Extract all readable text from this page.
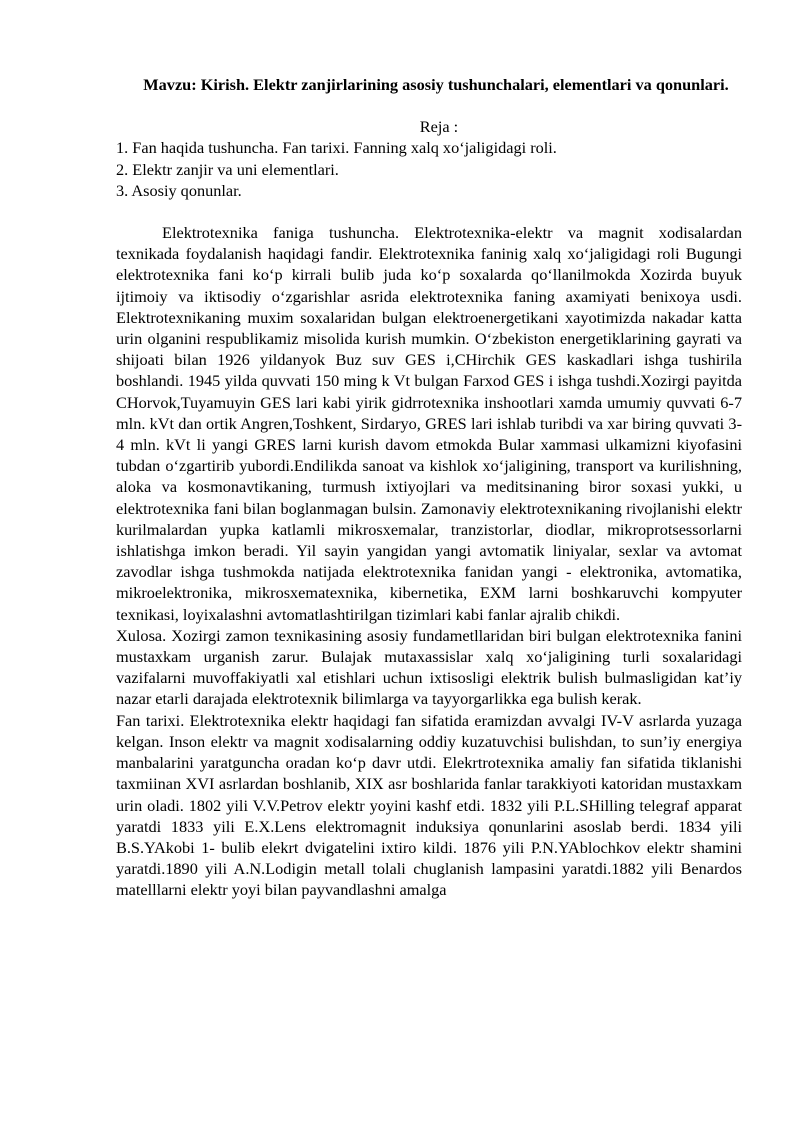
Mavzu: Kirish. Elektr zanjirlarining asosiy tushunchalari, elementlari va qonunlari.

Reja :

1. Fan haqida tushuncha. Fan tarixi. Fanning xalq xo‘jaligidagi roli.
2. Elektr zanjir va uni elementlari.
3. Asosiy qonunlar.

Elektrotexnika faniga tushuncha. Elektrotexnika-elektr va magnit xodisalardan texnikada foydalanish haqidagi fandir. Elektrotexnika faninig xalq xo‘jaligidagi roli Bugungi elektrotexnika fani ko‘p kirrali bulib juda ko‘p soxalarda qo‘llanilmokda Xozirda buyuk ijtimoiy va iktisodiy o‘zgarishlar asrida elektrotexnika faning axamiyati benixoya usdi. Elektrotexnikaning muxim soxalaridan bulgan elektroenergetikani xayotimizda nakadar katta urin olganini respublikamiz misolida kurish mumkin. O‘zbekiston energetiklarining gayrati va shijoati bilan 1926 yildanyok Buz suv GES i,CHirchik GES kaskadlari ishga tushirila boshlandi. 1945 yilda quvvati 150 ming k Vt bulgan Farxod GES i ishga tushdi.Xozirgi payitda CHorvok,Tuyamuyin GES lari kabi yirik gidrrotexnika inshootlari xamda umumiy quvvati 6-7 mln. kVt dan ortik Angren,Toshkent, Sirdaryo, GRES lari ishlab turibdi va xar biring quvvati 3-4 mln. kVt li yangi GRES larni kurish davom etmokda Bular xammasi ulkamizni kiyofasini tubdan o‘zgartirib yubordi.Endilikda sanoat va kishlok xo‘jaligining, transport va kurilishning, aloka va kosmonavtikaning, turmush ixtiyojlari va meditsinaning biror soxasi yukki, u elektrotexnika fani bilan boglanmagan bulsin. Zamonaviy elektrotexnikaning rivojlanishi elektr kurilmalardan yupka katlamli mikrosxemalar, tranzistorlar, diodlar, mikroprotsessorlarni ishlatishga imkon beradi. Yil sayin yangidan yangi avtomatik liniyalar, sexlar va avtomat zavodlar ishga tushmokda natijada elektrotexnika fanidan yangi - elektronika, avtomatika, mikroelektronika, mikrosxematexnika, kibernetika, EXM larni boshkaruvchi kompyuter texnikasi, loyixalashni avtomatlashtirilgan tizimlari kabi fanlar ajralib chikdi.

Xulosa. Xozirgi zamon texnikasining asosiy fundametllaridan biri bulgan elektrotexnika fanini mustaxkam urganish zarur. Bulajak mutaxassislar xalq xo‘jaligining turli soxalaridagi vazifalarni muvoffakiyatli xal etishlari uchun ixtisosligi elektrik bulish bulmasligidan kat’iy nazar etarli darajada elektrotexnik bilimlarga va tayyorgarlikka ega bulish kerak.

Fan tarixi. Elektrotexnika elektr haqidagi fan sifatida eramizdan avvalgi IV-V asrlarda yuzaga kelgan. Inson elektr va magnit xodisalarning oddiy kuzatuvchisi bulishdan, to sun’iy energiya manbalarini yaratguncha oradan ko‘p davr utdi. Elekrtrotexnika amaliy fan sifatida tiklanishi taxmiinan XVI asrlardan boshlanib, XIX asr boshlarida fanlar tarakkiyoti katoridan mustaxkam urin oladi. 1802 yili V.V.Petrov elektr yoyini kashf etdi. 1832 yili P.L.SHilling telegraf apparat yaratdi 1833 yili E.X.Lens elektromagnit induksiya qonunlarini asoslab berdi. 1834 yili B.S.YAkobi 1- bulib elekrt dvigatelini ixtiro kildi. 1876 yili P.N.YAblochkov elektr shamini yaratdi.1890 yili A.N.Lodigin metall tolali chuglanish lampasini yaratdi.1882 yili Benardos matelllarni elektr yoyi bilan payvandlashni amalga
